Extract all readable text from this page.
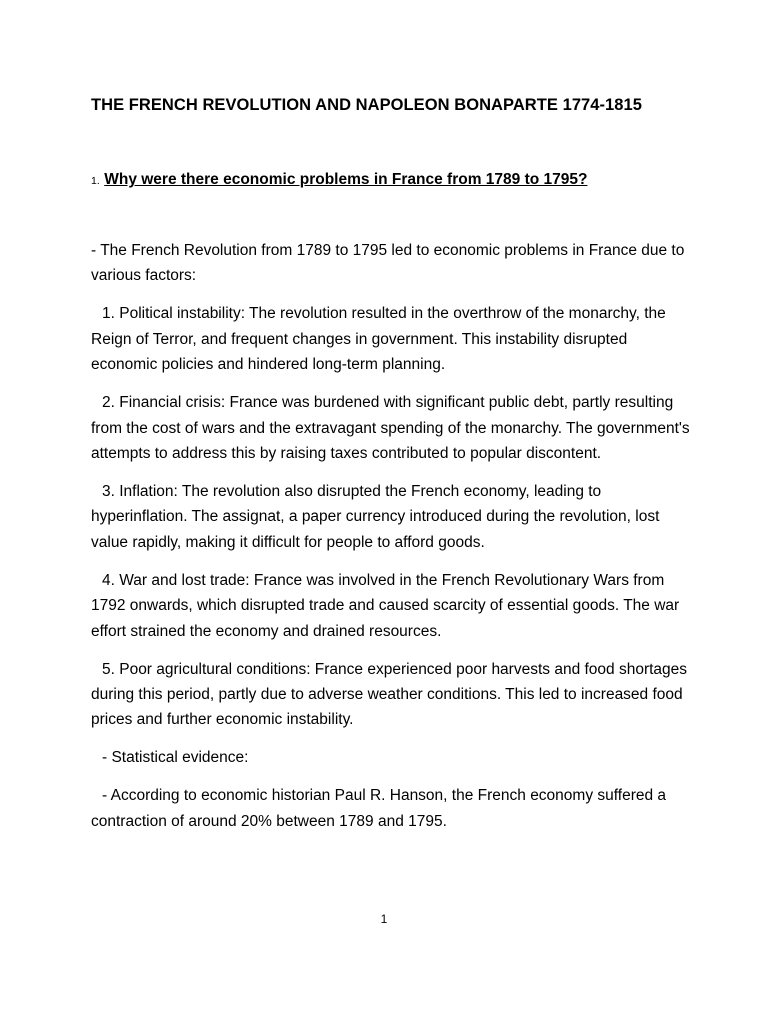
THE FRENCH REVOLUTION AND NAPOLEON BONAPARTE 1774-1815
1. Why were there economic problems in France from 1789 to 1795?

- The French Revolution from 1789 to 1795 led to economic problems in France due to various factors:

1. Political instability: The revolution resulted in the overthrow of the monarchy, the Reign of Terror, and frequent changes in government. This instability disrupted economic policies and hindered long-term planning.

2. Financial crisis: France was burdened with significant public debt, partly resulting from the cost of wars and the extravagant spending of the monarchy. The government's attempts to address this by raising taxes contributed to popular discontent.

3. Inflation: The revolution also disrupted the French economy, leading to hyperinflation. The assignat, a paper currency introduced during the revolution, lost value rapidly, making it difficult for people to afford goods.

4. War and lost trade: France was involved in the French Revolutionary Wars from 1792 onwards, which disrupted trade and caused scarcity of essential goods. The war effort strained the economy and drained resources.

5. Poor agricultural conditions: France experienced poor harvests and food shortages during this period, partly due to adverse weather conditions. This led to increased food prices and further economic instability.

- Statistical evidence:

- According to economic historian Paul R. Hanson, the French economy suffered a contraction of around 20% between 1789 and 1795.

1
